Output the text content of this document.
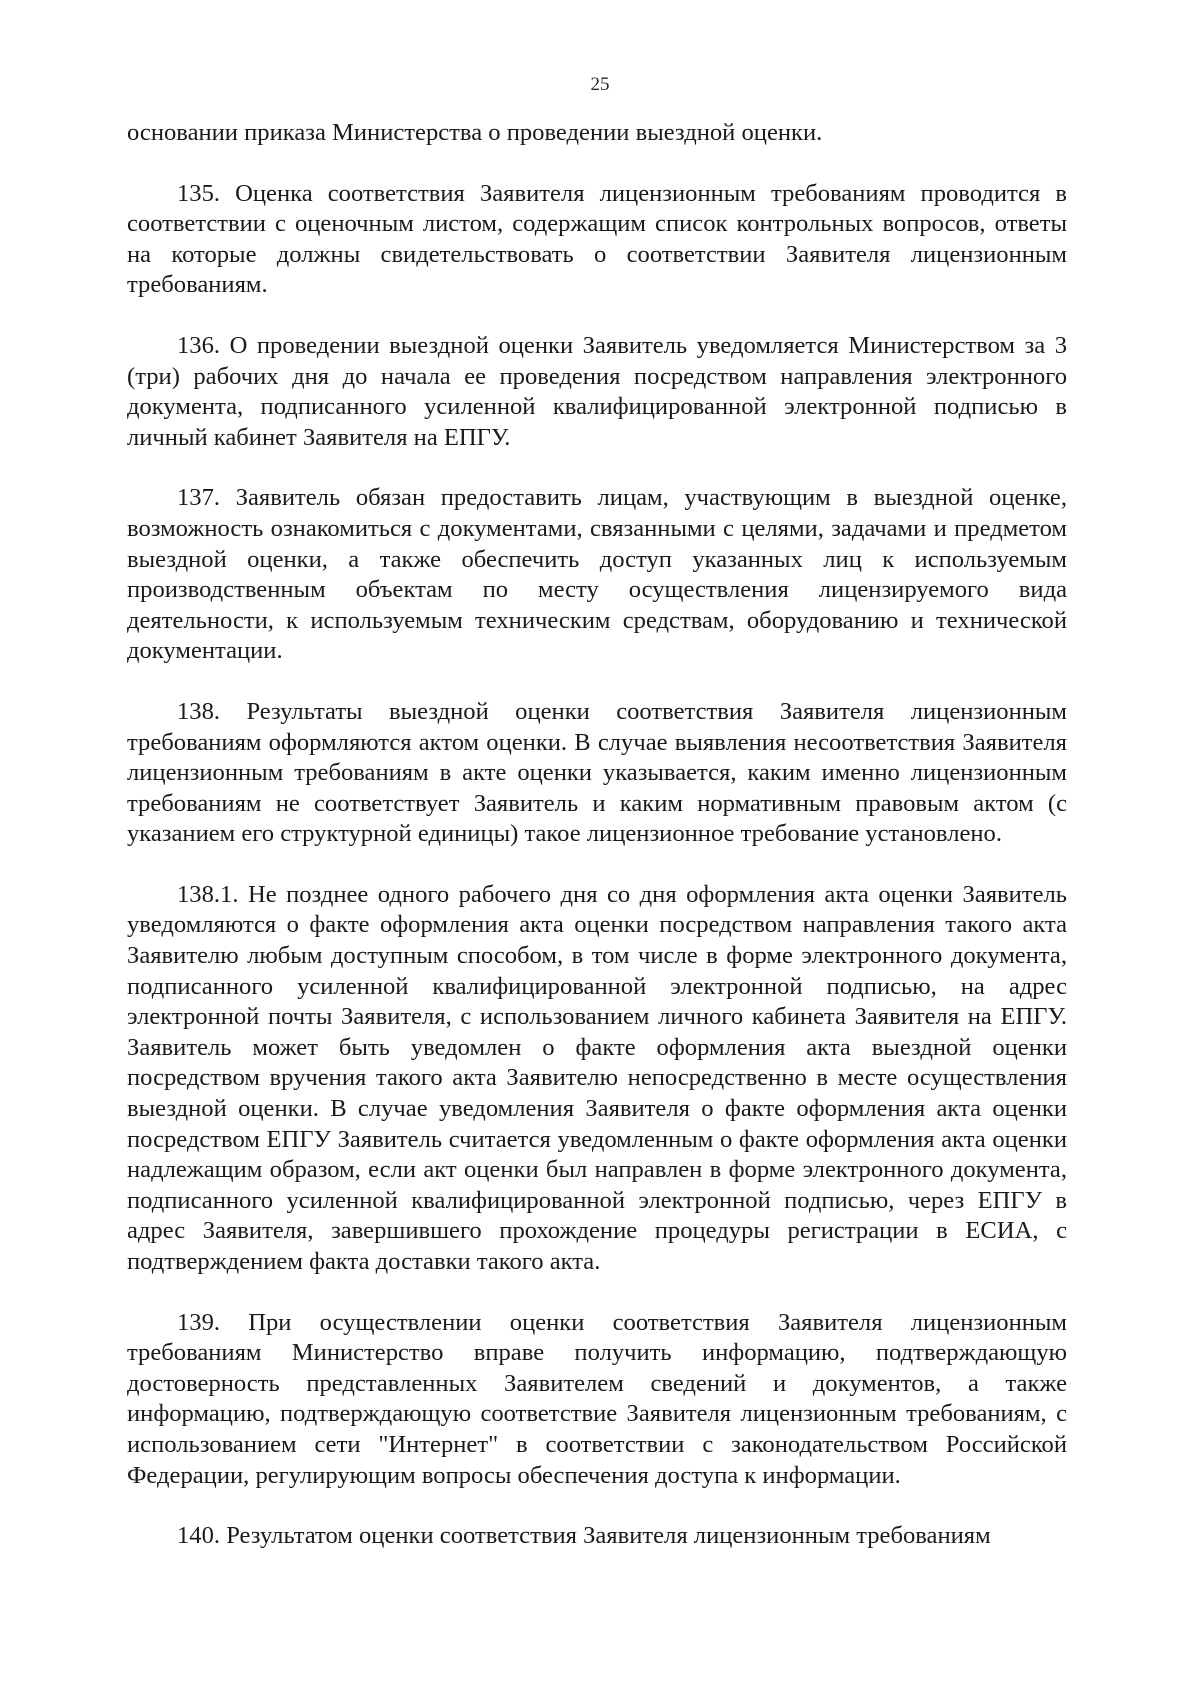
25

основании приказа Министерства о проведении выездной оценки.

135. Оценка соответствия Заявителя лицензионным требованиям проводится в соответствии с оценочным листом, содержащим список контрольных вопросов, ответы на которые должны свидетельствовать о соответствии Заявителя лицензионным требованиям.

136. О проведении выездной оценки Заявитель уведомляется Министерством за 3 (три) рабочих дня до начала ее проведения посредством направления электронного документа, подписанного усиленной квалифицированной электронной подписью в личный кабинет Заявителя на ЕПГУ.

137. Заявитель обязан предоставить лицам, участвующим в выездной оценке, возможность ознакомиться с документами, связанными с целями, задачами и предметом выездной оценки, а также обеспечить доступ указанных лиц к используемым производственным объектам по месту осуществления лицензируемого вида деятельности, к используемым техническим средствам, оборудованию и технической документации.

138. Результаты выездной оценки соответствия Заявителя лицензионным требованиям оформляются актом оценки. В случае выявления несоответствия Заявителя лицензионным требованиям в акте оценки указывается, каким именно лицензионным требованиям не соответствует Заявитель и каким нормативным правовым актом (с указанием его структурной единицы) такое лицензионное требование установлено.

138.1. Не позднее одного рабочего дня со дня оформления акта оценки Заявитель уведомляются о факте оформления акта оценки посредством направления такого акта Заявителю любым доступным способом, в том числе в форме электронного документа, подписанного усиленной квалифицированной электронной подписью, на адрес электронной почты Заявителя, с использованием личного кабинета Заявителя на ЕПГУ. Заявитель может быть уведомлен о факте оформления акта выездной оценки посредством вручения такого акта Заявителю непосредственно в месте осуществления выездной оценки. В случае уведомления Заявителя о факте оформления акта оценки посредством ЕПГУ Заявитель считается уведомленным о факте оформления акта оценки надлежащим образом, если акт оценки был направлен в форме электронного документа, подписанного усиленной квалифицированной электронной подписью, через ЕПГУ в адрес Заявителя, завершившего прохождение процедуры регистрации в ЕСИА, с подтверждением факта доставки такого акта.

139. При осуществлении оценки соответствия Заявителя лицензионным требованиям Министерство вправе получить информацию, подтверждающую достоверность представленных Заявителем сведений и документов, а также информацию, подтверждающую соответствие Заявителя лицензионным требованиям, с использованием сети "Интернет" в соответствии с законодательством Российской Федерации, регулирующим вопросы обеспечения доступа к информации.

140. Результатом оценки соответствия Заявителя лицензионным требованиям
